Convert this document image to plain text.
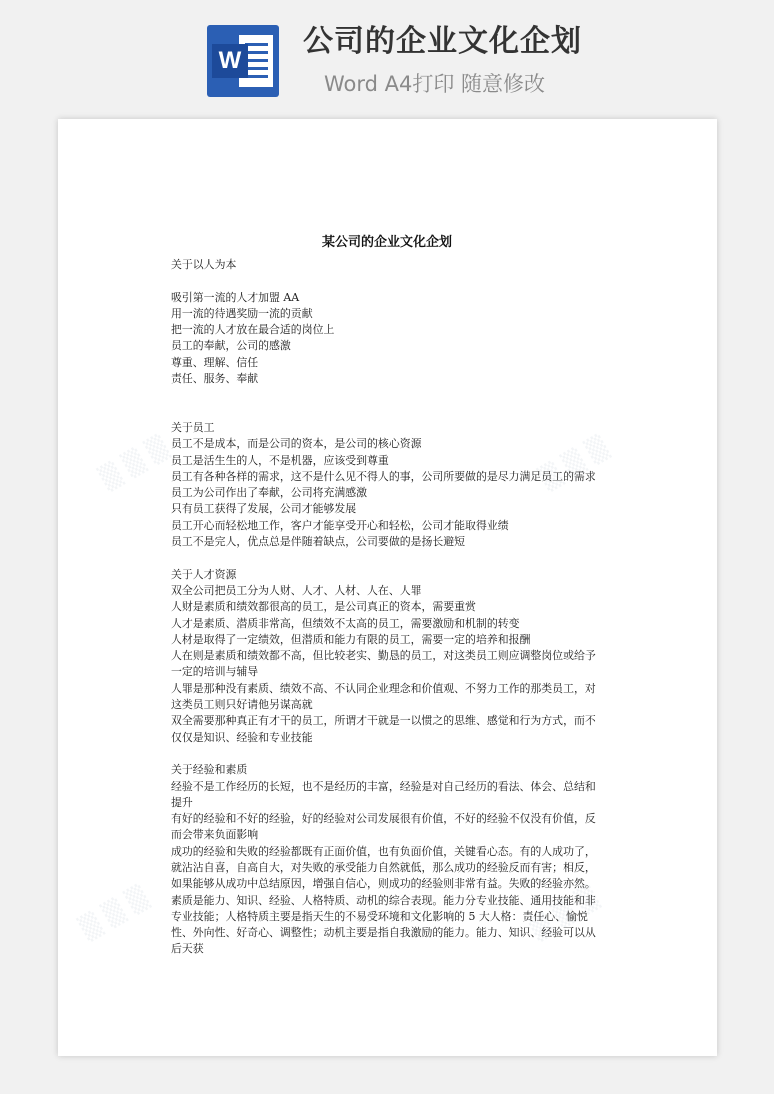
W
公司的企业文化企划
Word A4打印 随意修改
▒ ▒ ▒	▒ ▒ ▒
▒ ▒ ▒	▒ ▒ ▒
某公司的企业文化企划

关于以人为本

吸引第一流的人才加盟 AA

用一流的待遇奖励一流的贡献

把一流的人才放在最合适的岗位上

员工的奉献，公司的感激

尊重、理解、信任

责任、服务、奉献

关于员工

员工不是成本，而是公司的资本，是公司的核心资源

员工是活生生的人，不是机器，应该受到尊重

员工有各种各样的需求，这不是什么见不得人的事，公司所要做的是尽力满足员工的需求

员工为公司作出了奉献，公司将充满感激

只有员工获得了发展，公司才能够发展

员工开心而轻松地工作，客户才能享受开心和轻松，公司才能取得业绩

员工不是完人，优点总是伴随着缺点，公司要做的是扬长避短

关于人才资源

双全公司把员工分为人财、人才、人材、人在、人罪

人财是素质和绩效都很高的员工，是公司真正的资本，需要重赏

人才是素质、潜质非常高，但绩效不太高的员工，需要激励和机制的转变

人材是取得了一定绩效，但潜质和能力有限的员工，需要一定的培养和报酬

人在则是素质和绩效都不高，但比较老实、勤恳的员工，对这类员工则应调整岗位或给予一定的培训与辅导

人罪是那种没有素质、绩效不高、不认同企业理念和价值观、不努力工作的那类员工，对这类员工则只好请他另谋高就

双全需要那种真正有才干的员工，所谓才干就是一以惯之的思维、感觉和行为方式，而不仅仅是知识、经验和专业技能

关于经验和素质

经验不是工作经历的长短，也不是经历的丰富，经验是对自己经历的看法、体会、总结和提升

有好的经验和不好的经验，好的经验对公司发展很有价值，不好的经验不仅没有价值，反而会带来负面影响

成功的经验和失败的经验都既有正面价值，也有负面价值，关键看心态。有的人成功了，就沾沾自喜，自高自大，对失败的承受能力自然就低，那么成功的经验反而有害；相反，如果能够从成功中总结原因，增强自信心，则成功的经验则非常有益。失败的经验亦然。

素质是能力、知识、经验、人格特质、动机的综合表现。能力分专业技能、通用技能和非专业技能；人格特质主要是指天生的不易受环境和文化影响的 5 大人格：责任心、愉悦性、外向性、好奇心、调整性；动机主要是指自我激励的能力。能力、知识、经验可以从后天获
